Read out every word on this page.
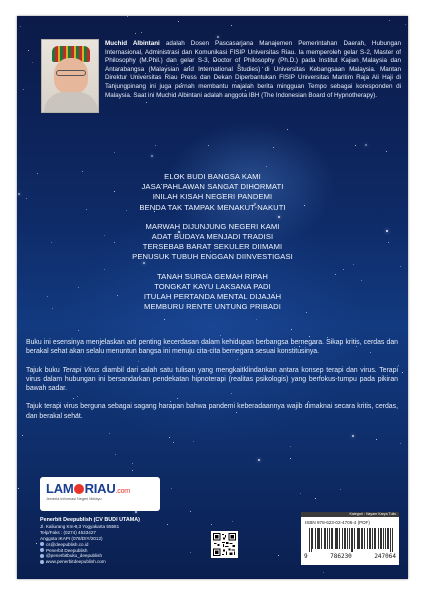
Muchid Albintani adalah Dosen Pascasarjana Manajemen Pemerintahan Daerah, Hubungan Internasional, Administrasi dan Komunikasi FISIP Universitas Riau. Ia memperoleh gelar S-2, Master of Philosophy (M.Phil.) dan gelar S-3, Doctor of Philosophy (Ph.D.) pada Institut Kajian Malaysia dan Antarabangsa (Malaysian and International Studies) di Universitas Kebangsaan Malaysia. Mantan Direktur Universitas Riau Press dan Dekan Diperbantukan FISIP Universitas Maritim Raja Ali Haji di Tanjungpinang ini juga pernah membantu majalah berita mingguan Tempo sebagai koresponden di Malaysia. Saat ini Muchid Albintani adalah anggota IBH (The Indonesian Board of Hypnotherapy).
ELOK BUDI BANGSA KAMI
JASA PAHLAWAN SANGAT DIHORMATI
INILAH KISAH NEGERI PANDEMI
BENDA TAK TAMPAK MENAKUT-NAKUTI
MARWAH DIJUNJUNG NEGERI KAMI
ADAT BUDAYA MENJADI TRADISI
TERSEBAB BARAT SEKULER DIIMAMI
PENUSUK TUBUH ENGGAN DIINVESTIGASI
TANAH SURGA GEMAH RIPAH
TONGKAT KAYU LAKSANA PADI
ITULAH PERTANDA MENTAL DIJAJAH
MEMBURU RENTE UNTUNG PRIBADI

Buku ini esensinya menjelaskan arti penting kecerdasan dalam kehidupan berbangsa bernegara. Sikap kritis, cerdas dan berakal sehat akan selalu menuntun bangsa ini menuju cita-cita bernegara sesuai konstitusinya.

Tajuk buku Terapi Virus diambil dari salah satu tulisan yang mengkaitklindankan antara konsep terapi dan virus. Terapi virus dalam hubungan ini bersandarkan pendekatan hipnoterapi (realitas psikologis) yang berfokus-tumpu pada pikiran bawah sadar.

Tajuk terapi virus berguna sebagai sagang harapan bahwa pandemi keberadaannya wajib dimaknai secara kritis, cerdas, dan berakal sehat.

LAM RIAU.com
Jendela Informasi Negeri Melayu
Penerbit Deepublish (CV BUDI UTAMA)
Jl. Kaliurang Km 9,3 Yogyakarta 55581
Telp/Faks : (0274) 4533427
Anggota IKAPI (076/DIY/2012)
cs@deepublish.co.id
Penerbit Deepublish
@penerbitbuku_deepublish
www.penerbitdeepublish.com
Kategori : Hayam Karya Tulis
ISBN 978-623-02-4706-4 (PDF)
9	786230	247064
